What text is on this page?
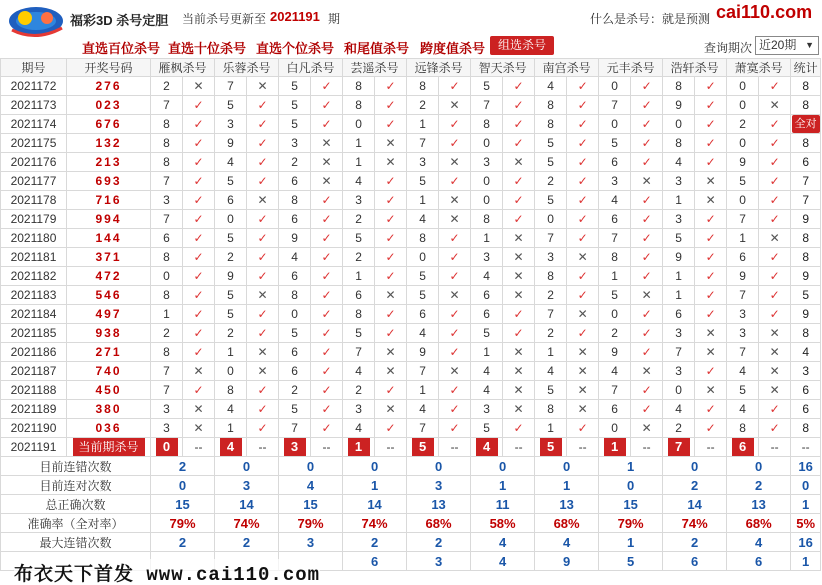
福彩3D 杀号定胆 当前杀号更新至 2021191 期	什么是杀号：就是预测 cai110.com
直选百位杀号 直选十位杀号 直选个位杀号 和尾值杀号 跨度值杀号	组选杀号	查询期次 近20期 ▼
期号	开奖号码	雁枫杀号		乐蓉杀号		白凡杀号		芸遥杀号		远锋杀号		智天杀号		南宫杀号		元丰杀号		浩轩杀号		萧寞杀号		统计
2021172	276	2	✕	7	✕	5	✓	8	✓	8	✓	5	✓	4	✓	0	✓	8	✓	0	✓	8
2021173	023	7	✓	5	✓	5	✓	8	✓	2	✕	7	✓	8	✓	7	✓	9	✓	0	✕	8
2021174	676	8	✓	3	✓	5	✓	0	✓	1	✓	8	✓	8	✓	0	✓	0	✓	2	✓	全对
2021175	132	8	✓	9	✓	3	✕	1	✕	7	✓	0	✓	5	✓	5	✓	8	✓	0	✓	8
2021176	213	8	✓	4	✓	2	✕	1	✕	3	✕	3	✕	5	✓	6	✓	4	✓	9	✓	6
2021177	693	7	✓	5	✓	6	✕	4	✓	5	✓	0	✓	2	✓	3	✕	3	✕	5	✓	7
2021178	716	3	✓	6	✕	8	✓	3	✓	1	✕	0	✓	5	✓	4	✓	1	✕	0	✓	7
2021179	994	7	✓	0	✓	6	✓	2	✓	4	✕	8	✓	0	✓	6	✓	3	✓	7	✓	9
2021180	144	6	✓	5	✓	9	✓	5	✓	8	✓	1	✕	7	✓	7	✓	5	✓	1	✕	8
2021181	371	8	✓	2	✓	4	✓	2	✓	0	✓	3	✕	3	✕	8	✓	9	✓	6	✓	8
2021182	472	0	✓	9	✓	6	✓	1	✓	5	✓	4	✕	8	✓	1	✓	1	✓	9	✓	9
2021183	546	8	✓	5	✕	8	✓	6	✕	5	✕	6	✕	2	✓	5	✕	1	✓	7	✓	5
2021184	497	1	✓	5	✓	0	✓	8	✓	6	✓	6	✓	7	✕	0	✓	6	✓	3	✓	9
2021185	938	2	✓	2	✓	5	✓	5	✓	4	✓	5	✓	2	✓	2	✓	3	✕	3	✕	8
2021186	271	8	✓	1	✕	6	✓	7	✕	9	✓	1	✕	1	✕	9	✓	7	✕	7	✕	4
2021187	740	7	✕	0	✕	6	✓	4	✕	7	✕	4	✕	4	✕	4	✕	3	✓	4	✕	3
2021188	450	7	✓	8	✓	2	✓	2	✓	1	✓	4	✕	5	✕	7	✓	0	✕	5	✕	6
2021189	380	3	✕	4	✓	5	✓	3	✕	4	✓	3	✕	8	✕	6	✓	4	✓	4	✓	6
2021190	036	3	✕	1	✓	7	✓	4	✓	7	✓	5	✓	1	✓	0	✕	2	✓	8	✓	8
2021191	当前期杀号	0	--	4	--	3	--	1	--	5	--	4	--	5	--	1	--	7	--	6	--	--
目前连错次数		2		0		0		0		0		0		0		1		0		0		16
目前连对次数		0		3		4		1		3		1		1		0		2		2		0
总正确次数		15		14		15		14		13		11		13		15		14		13		1
准确率（全对率）		79%		74%		79%		74%		68%		58%		68%		79%		74%		68%		5%
最大连错次数		2		2		3		2		2		4		4		1		2		4		16
								6		3		4		9		5		6		6		1
布衣天下首发 www.cai110.com
